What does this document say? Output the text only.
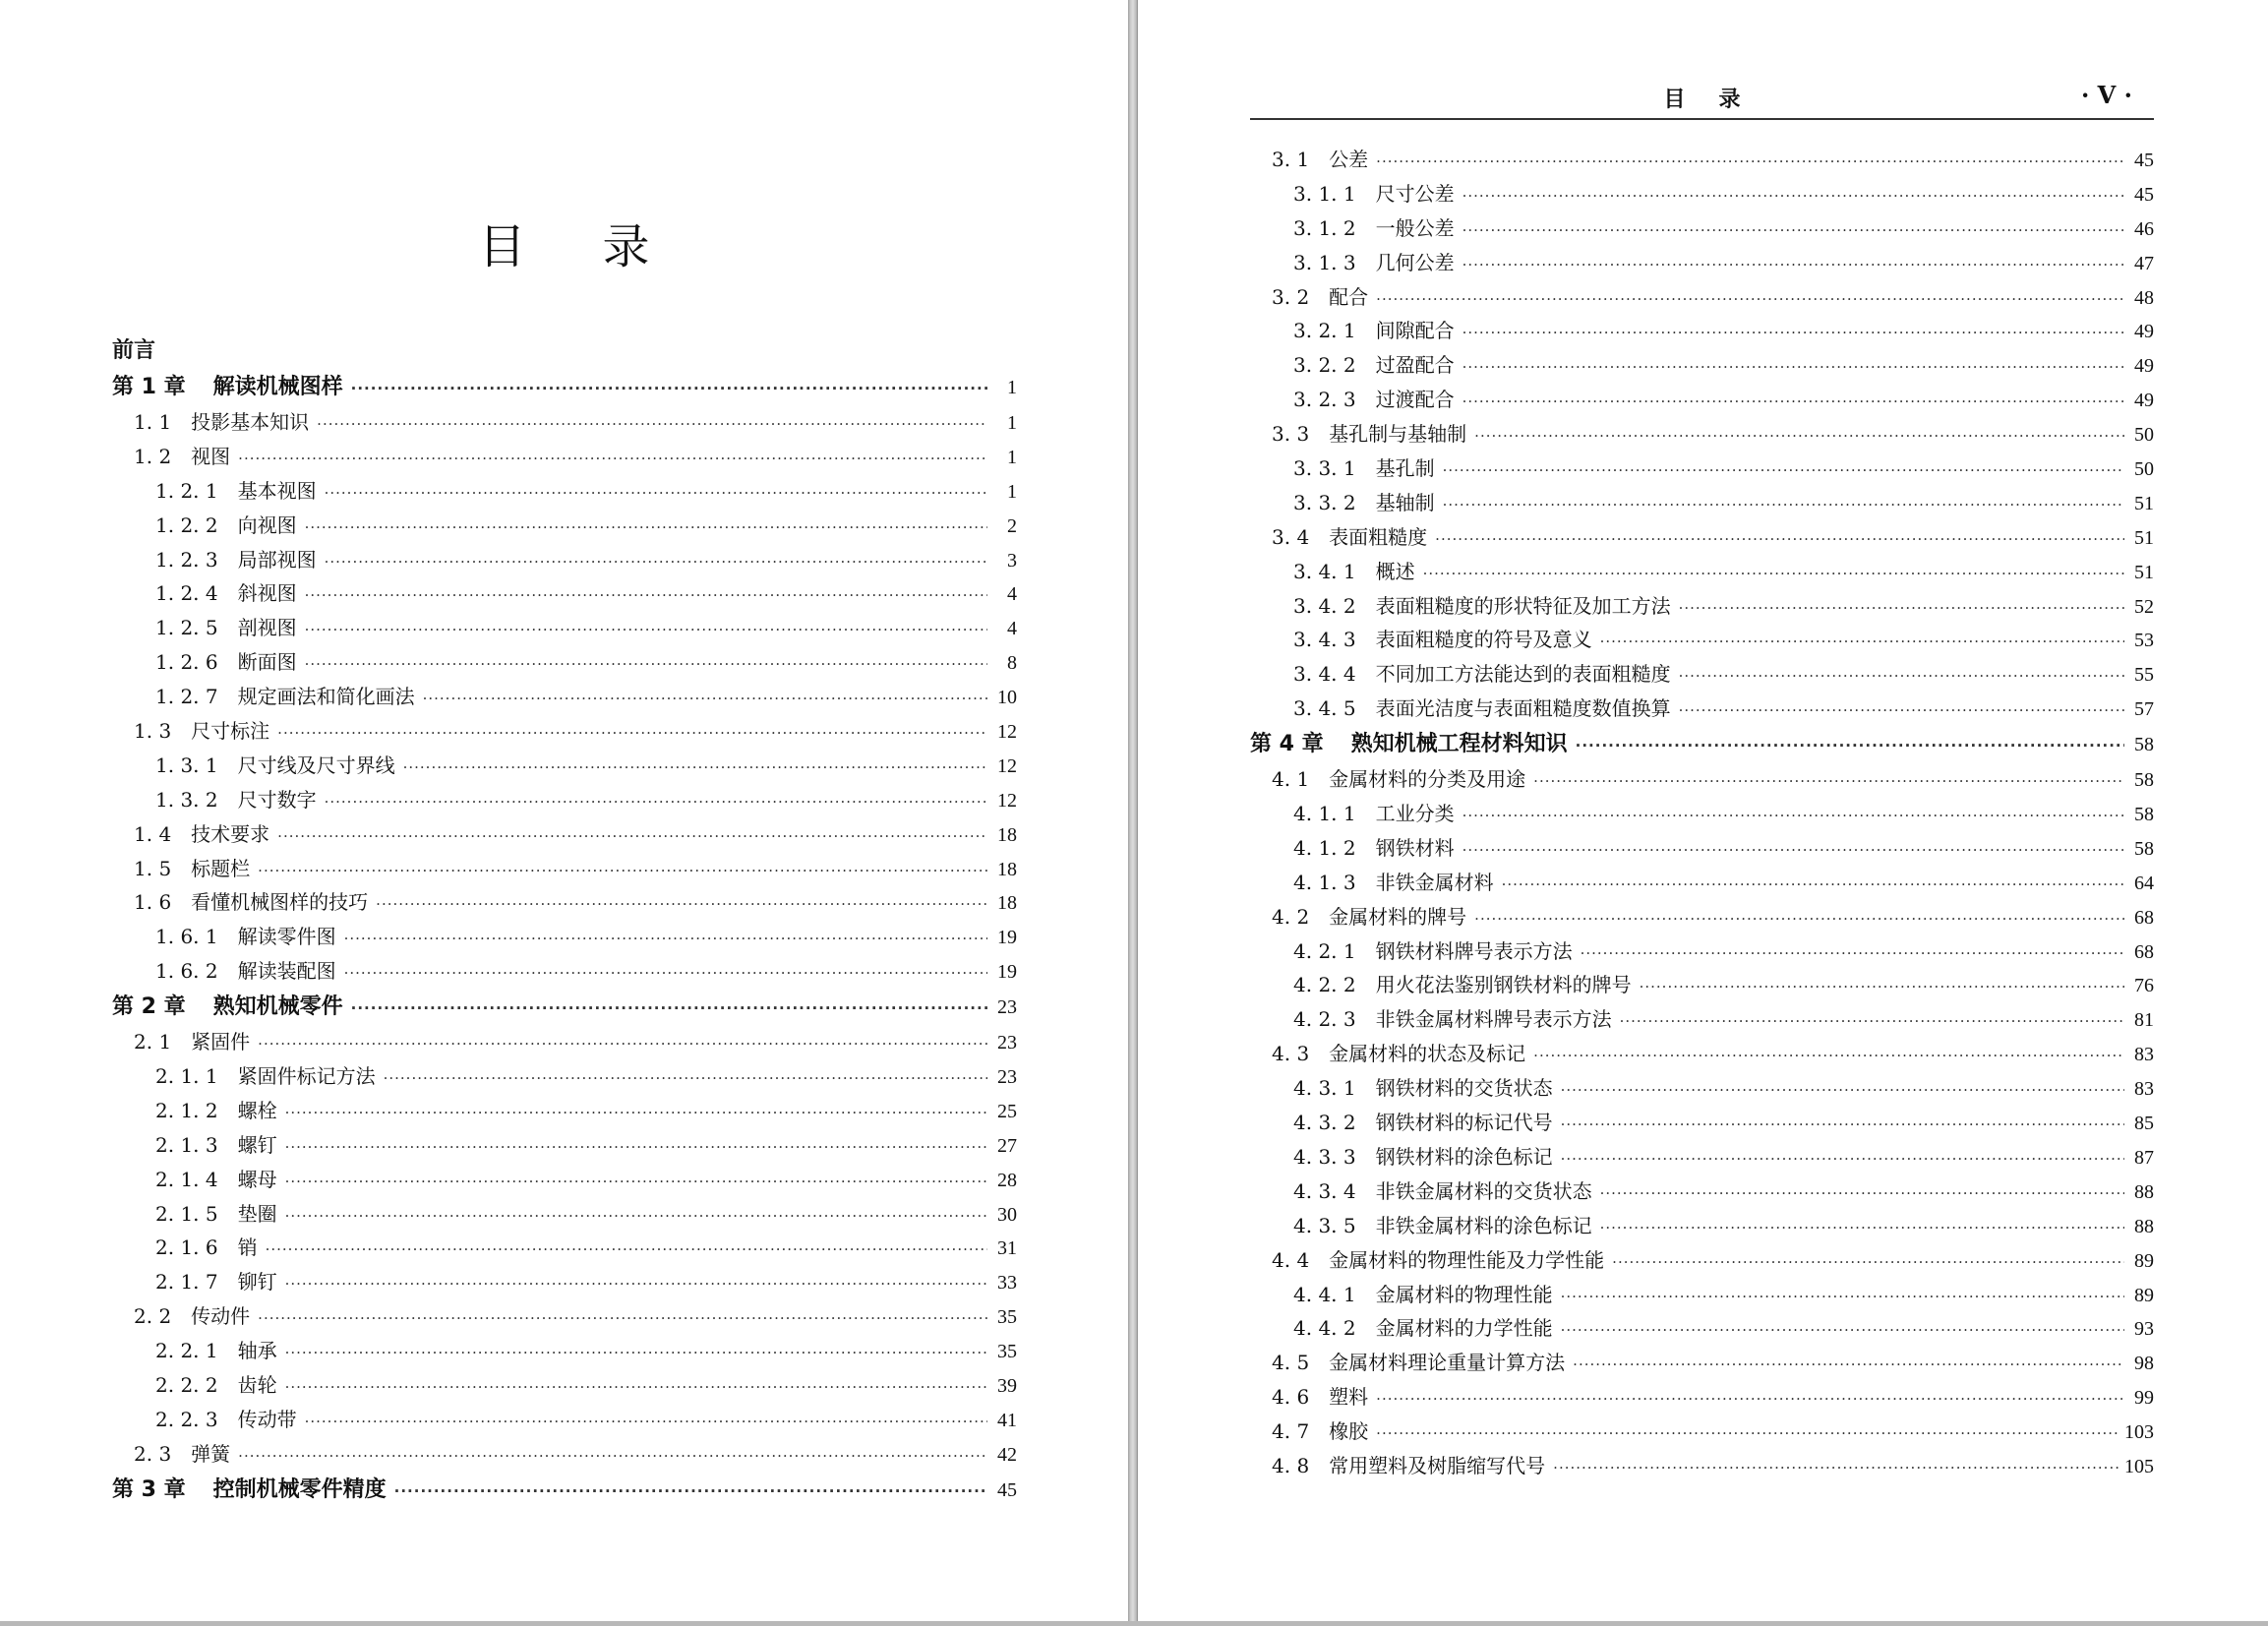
目录
目录	· V ·
前言
第 1 章 解读机械图样 ·····	1
1. 1 投影基本知识 ·····	1
1. 2 视图 ·····	1
1. 2. 1 基本视图 ·····	1
1. 2. 2 向视图 ·····	2
1. 2. 3 局部视图 ·····	3
1. 2. 4 斜视图 ·····	4
1. 2. 5 剖视图 ·····	4
1. 2. 6 断面图 ·····	8
1. 2. 7 规定画法和简化画法 ·····	10
1. 3 尺寸标注 ·····	12
1. 3. 1 尺寸线及尺寸界线 ·····	12
1. 3. 2 尺寸数字 ·····	12
1. 4 技术要求 ·····	18
1. 5 标题栏 ·····	18
1. 6 看懂机械图样的技巧 ·····	18
1. 6. 1 解读零件图 ·····	19
1. 6. 2 解读装配图 ·····	19
第 2 章 熟知机械零件 ·····	23
2. 1 紧固件 ·····	23
2. 1. 1 紧固件标记方法 ·····	23
2. 1. 2 螺栓 ·····	25
2. 1. 3 螺钉 ·····	27
2. 1. 4 螺母 ·····	28
2. 1. 5 垫圈 ·····	30
2. 1. 6 销 ·····	31
2. 1. 7 铆钉 ·····	33
2. 2 传动件 ·····	35
2. 2. 1 轴承 ·····	35
2. 2. 2 齿轮 ·····	39
2. 2. 3 传动带 ·····	41
2. 3 弹簧 ·····	42
第 3 章 控制机械零件精度 ·····	45
3. 1 公差 ·····	45
3. 1. 1 尺寸公差 ·····	45
3. 1. 2 一般公差 ·····	46
3. 1. 3 几何公差 ·····	47
3. 2 配合 ·····	48
3. 2. 1 间隙配合 ·····	49
3. 2. 2 过盈配合 ·····	49
3. 2. 3 过渡配合 ·····	49
3. 3 基孔制与基轴制 ·····	50
3. 3. 1 基孔制 ·····	50
3. 3. 2 基轴制 ·····	51
3. 4 表面粗糙度 ·····	51
3. 4. 1 概述 ·····	51
3. 4. 2 表面粗糙度的形状特征及加工方法 ·····	52
3. 4. 3 表面粗糙度的符号及意义 ·····	53
3. 4. 4 不同加工方法能达到的表面粗糙度 ·····	55
3. 4. 5 表面光洁度与表面粗糙度数值换算 ·····	57
第 4 章 熟知机械工程材料知识 ·····	58
4. 1 金属材料的分类及用途 ·····	58
4. 1. 1 工业分类 ·····	58
4. 1. 2 钢铁材料 ·····	58
4. 1. 3 非铁金属材料 ·····	64
4. 2 金属材料的牌号 ·····	68
4. 2. 1 钢铁材料牌号表示方法 ·····	68
4. 2. 2 用火花法鉴别钢铁材料的牌号 ·····	76
4. 2. 3 非铁金属材料牌号表示方法 ·····	81
4. 3 金属材料的状态及标记 ·····	83
4. 3. 1 钢铁材料的交货状态 ·····	83
4. 3. 2 钢铁材料的标记代号 ·····	85
4. 3. 3 钢铁材料的涂色标记 ·····	87
4. 3. 4 非铁金属材料的交货状态 ·····	88
4. 3. 5 非铁金属材料的涂色标记 ·····	88
4. 4 金属材料的物理性能及力学性能 ·····	89
4. 4. 1 金属材料的物理性能 ·····	89
4. 4. 2 金属材料的力学性能 ·····	93
4. 5 金属材料理论重量计算方法 ·····	98
4. 6 塑料 ·····	99
4. 7 橡胶 ·····	103
4. 8 常用塑料及树脂缩写代号 ·····	105
